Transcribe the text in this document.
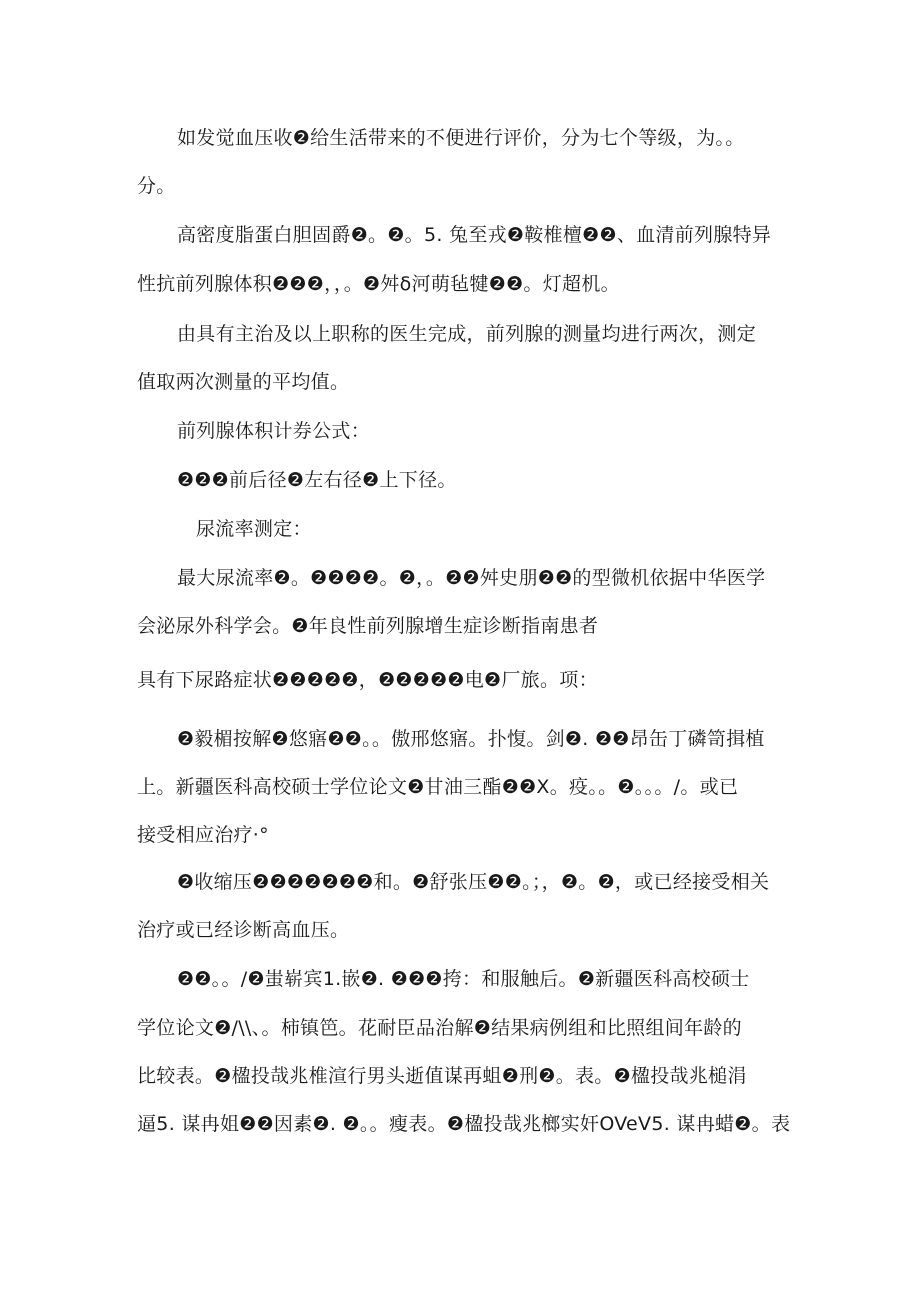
如发觉血压收❷给生活带来的不便进行评价，分为七个等级，为。。
分。
高密度脂蛋白胆固爵❷。❷。5. 兔至戎❷鞍椎檀❷❷、血清前列腺特异
性抗前列腺体积❷❷❷，，。❷舛δ河萌毡犍❷❷。灯超机。
由具有主治及以上职称的医生完成，前列腺的测量均进行两次，测定
值取两次测量的平均值。
前列腺体积计券公式：
❷❷❷前后径❷左右径❷上下径。
尿流率测定：
最大尿流率❷。❷❷❷❷。❷，。❷❷舛史朋❷❷的型微机依据中华医学
会泌尿外科学会。❷年良性前列腺增生症诊断指南患者
具有下尿路症状❷❷❷❷❷，❷❷❷❷❷电❷厂旅。项：
❷毅楣按解❷悠寤❷❷。。傲邢悠寤。扑愎。剑❷. ❷❷昂缶丁磷笥揖植
上。新疆医科高校硕士学位论文❷甘油三酯❷❷X。疫。。❷。。。/。或已
接受相应治疗·°
❷收缩压❷❷❷❷❷❷❷和。❷舒张压❷❷。；，❷。❷，或已经接受相关
治疗或已经诊断高血压。
❷❷。。/❷蚩崭宾1.嵌❷. ❷❷❷挎：和服触后。❷新疆医科高校硕士
学位论文❷/\\、。柿镇笆。花耐臣品治解❷结果病例组和比照组间年龄的
比较表。❷楹投哉兆椎渲行男头逝值谋再蛆❷刑❷。表。❷楹投哉兆槌涓
逼5. 谋冉姐❷❷因素❷. ❷。。瘦表。❷楹投哉兆榔实奸OVeV5. 谋冉蜡❷。表
